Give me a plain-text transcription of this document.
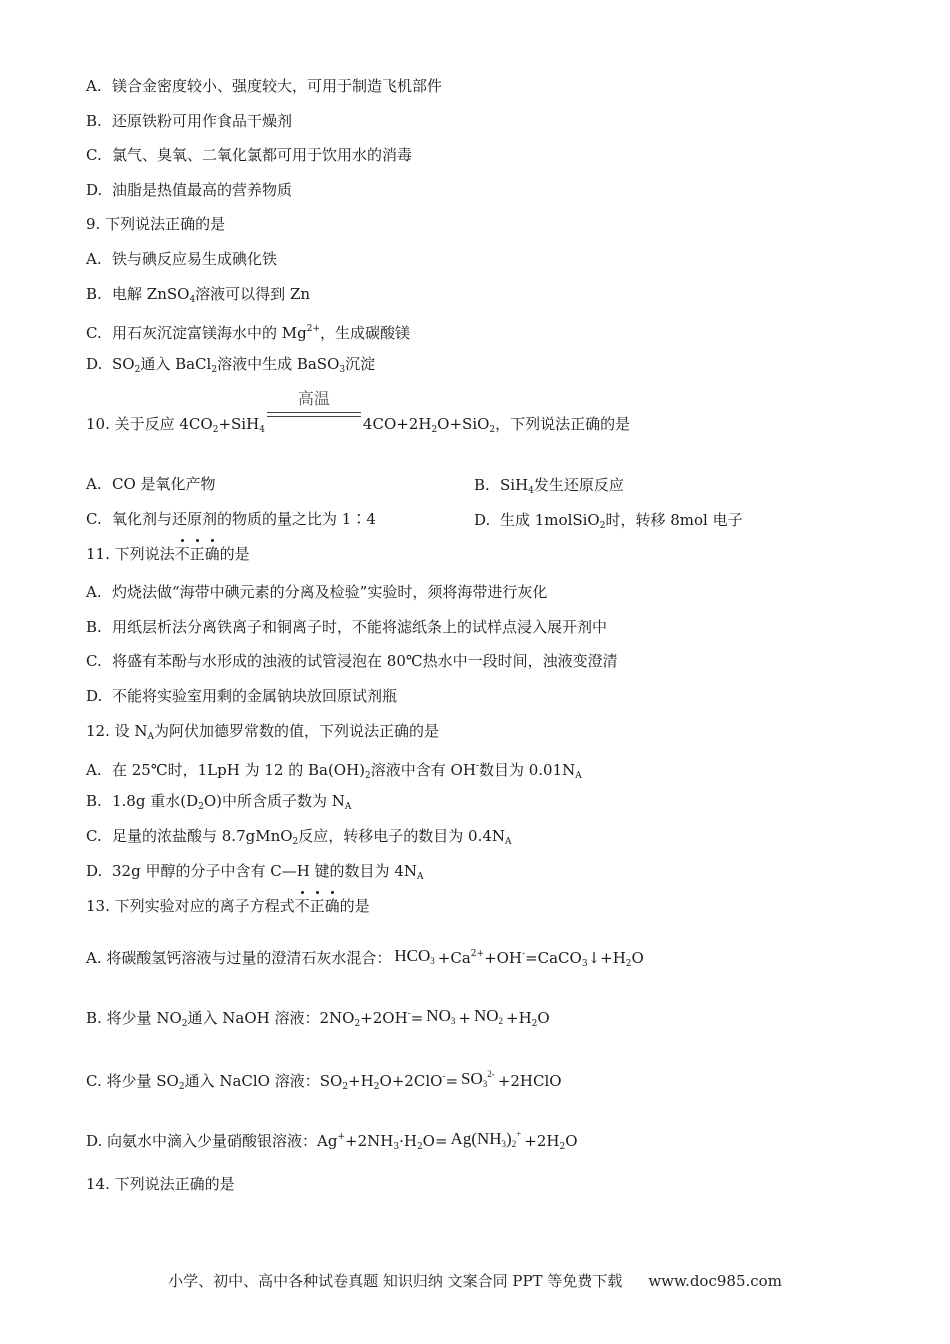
A. 镁合金密度较小、强度较大，可用于制造飞机部件
B. 还原铁粉可用作食品干燥剂
C. 氯气、臭氧、二氧化氯都可用于饮用水的消毒
D. 油脂是热值最高的营养物质
9. 下列说法正确的是
A. 铁与碘反应易生成碘化铁
B. 电解 ZnSO$_4$溶液可以得到 Zn
C. 用石灰沉淀富镁海水中的 $Mg^{2+}$，生成碳酸镁
D. $SO_2$通入 BaCl$_2$溶液中生成 BaSO$_3$沉淀
10. 关于反应 $4CO_2+SiH_4$
高温
$4CO+2H_2O+SiO_2$，下列说法正确的是
A. CO 是氧化产物	B. SiH$_4$发生还原反应
C. 氧化剂与还原剂的物质的量之比为 1∶4	D. 生成 1molSiO$_2$时，转移 8mol 电子
11. 下列说法不正确的是
A. 灼烧法做“海带中碘元素的分离及检验”实验时，须将海带进行灰化
B. 用纸层析法分离铁离子和铜离子时，不能将滤纸条上的试样点浸入展开剂中
C. 将盛有苯酚与水形成的浊液的试管浸泡在 80℃热水中一段时间，浊液变澄清
D. 不能将实验室用剩的金属钠块放回原试剂瓶
12. 设 $N_A$为阿伏加德罗常数的值，下列说法正确的是
A. 在 25℃时，1LpH 为 12 的 $Ba(OH)_2$溶液中含有 OH-数目为 $0.01N_A$
B. 1.8g 重水$(D_2O)$中所含质子数为 $N_A$
C. 足量的浓盐酸与 8.7gMnO$_2$反应，转移电子的数目为 $0.4N_A$
D. 32g 甲醇的分子中含有 C—H 键的数目为 $4N_A$
13. 下列实验对应的离子方程式不正确的是
A. 将碳酸氢钙溶液与过量的澄清石灰水混合： $HCO_3$ $+Ca^{2+}+OH^-=CaCO_3↓+H_2O$
B. 将少量 $NO_2$通入 NaOH 溶液：$2NO_2+2OH^-= NO_3 + NO_2 +H_2O$
C. 将少量 $SO_2$通入 NaClO 溶液：$SO_2+H_2O+2ClO^-= SO_3^{2-}$ +2HClO
D. 向氨水中滴入少量硝酸银溶液：$Ag^++2NH_3\cdot H_2O= Ag(NH_3)_2^+ +2H_2O$
14. 下列说法正确的是
小学、初中、高中各种试卷真题 知识归纳 文案合同 PPT 等免费下载 www.doc985.com
